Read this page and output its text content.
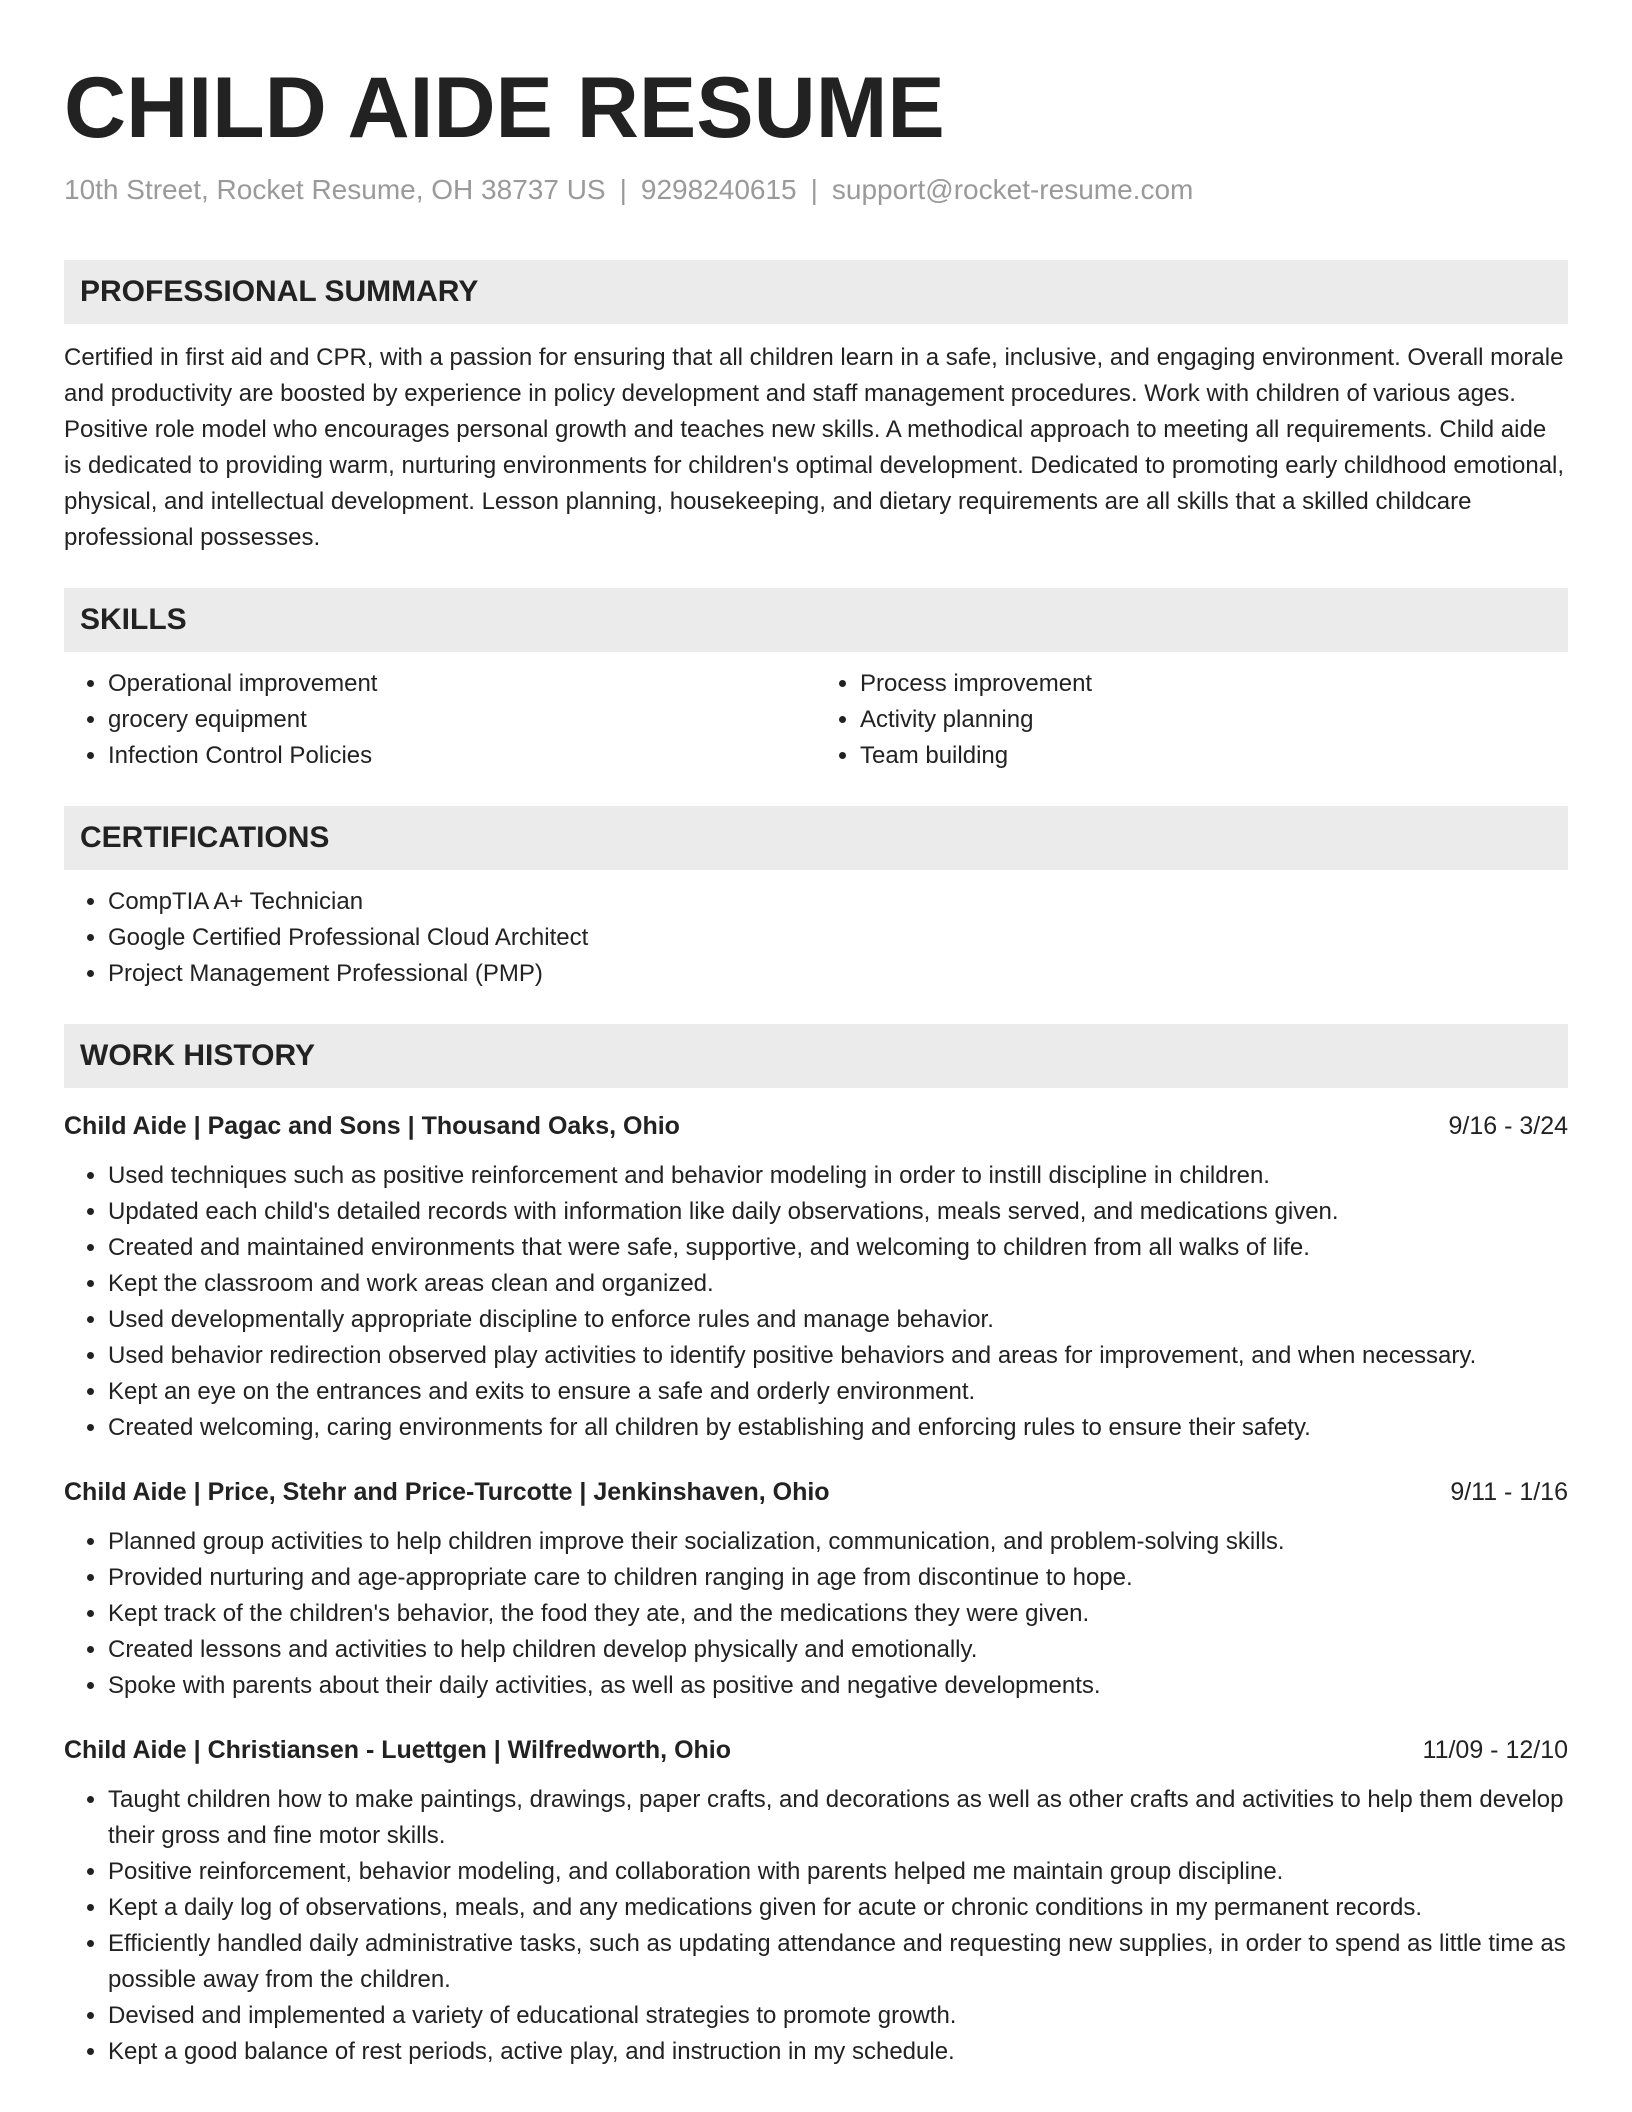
CHILD AIDE RESUME
10th Street, Rocket Resume, OH 38737 US | 9298240615 | support@rocket-resume.com
PROFESSIONAL SUMMARY

Certified in first aid and CPR, with a passion for ensuring that all children learn in a safe, inclusive, and engaging environment. Overall morale and productivity are boosted by experience in policy development and staff management procedures. Work with children of various ages. Positive role model who encourages personal growth and teaches new skills. A methodical approach to meeting all requirements. Child aide is dedicated to providing warm, nurturing environments for children's optimal development. Dedicated to promoting early childhood emotional, physical, and intellectual development. Lesson planning, housekeeping, and dietary requirements are all skills that a skilled childcare professional possesses.

SKILLS
• Operational improvement
• grocery equipment
• Infection Control Policies
• Process improvement
• Activity planning
• Team building
CERTIFICATIONS
• CompTIA A+ Technician
• Google Certified Professional Cloud Architect
• Project Management Professional (PMP)
WORK HISTORY
Child Aide | Pagac and Sons | Thousand Oaks, Ohio	9/16 - 3/24
• Used techniques such as positive reinforcement and behavior modeling in order to instill discipline in children.
• Updated each child's detailed records with information like daily observations, meals served, and medications given.
• Created and maintained environments that were safe, supportive, and welcoming to children from all walks of life.
• Kept the classroom and work areas clean and organized.
• Used developmentally appropriate discipline to enforce rules and manage behavior.
• Used behavior redirection observed play activities to identify positive behaviors and areas for improvement, and when necessary.
• Kept an eye on the entrances and exits to ensure a safe and orderly environment.
• Created welcoming, caring environments for all children by establishing and enforcing rules to ensure their safety.
Child Aide | Price, Stehr and Price-Turcotte | Jenkinshaven, Ohio	9/11 - 1/16
• Planned group activities to help children improve their socialization, communication, and problem-solving skills.
• Provided nurturing and age-appropriate care to children ranging in age from discontinue to hope.
• Kept track of the children's behavior, the food they ate, and the medications they were given.
• Created lessons and activities to help children develop physically and emotionally.
• Spoke with parents about their daily activities, as well as positive and negative developments.
Child Aide | Christiansen - Luettgen | Wilfredworth, Ohio	11/09 - 12/10
• Taught children how to make paintings, drawings, paper crafts, and decorations as well as other crafts and activities to help them develop their gross and fine motor skills.
• Positive reinforcement, behavior modeling, and collaboration with parents helped me maintain group discipline.
• Kept a daily log of observations, meals, and any medications given for acute or chronic conditions in my permanent records.
• Efficiently handled daily administrative tasks, such as updating attendance and requesting new supplies, in order to spend as little time as possible away from the children.
• Devised and implemented a variety of educational strategies to promote growth.
• Kept a good balance of rest periods, active play, and instruction in my schedule.
